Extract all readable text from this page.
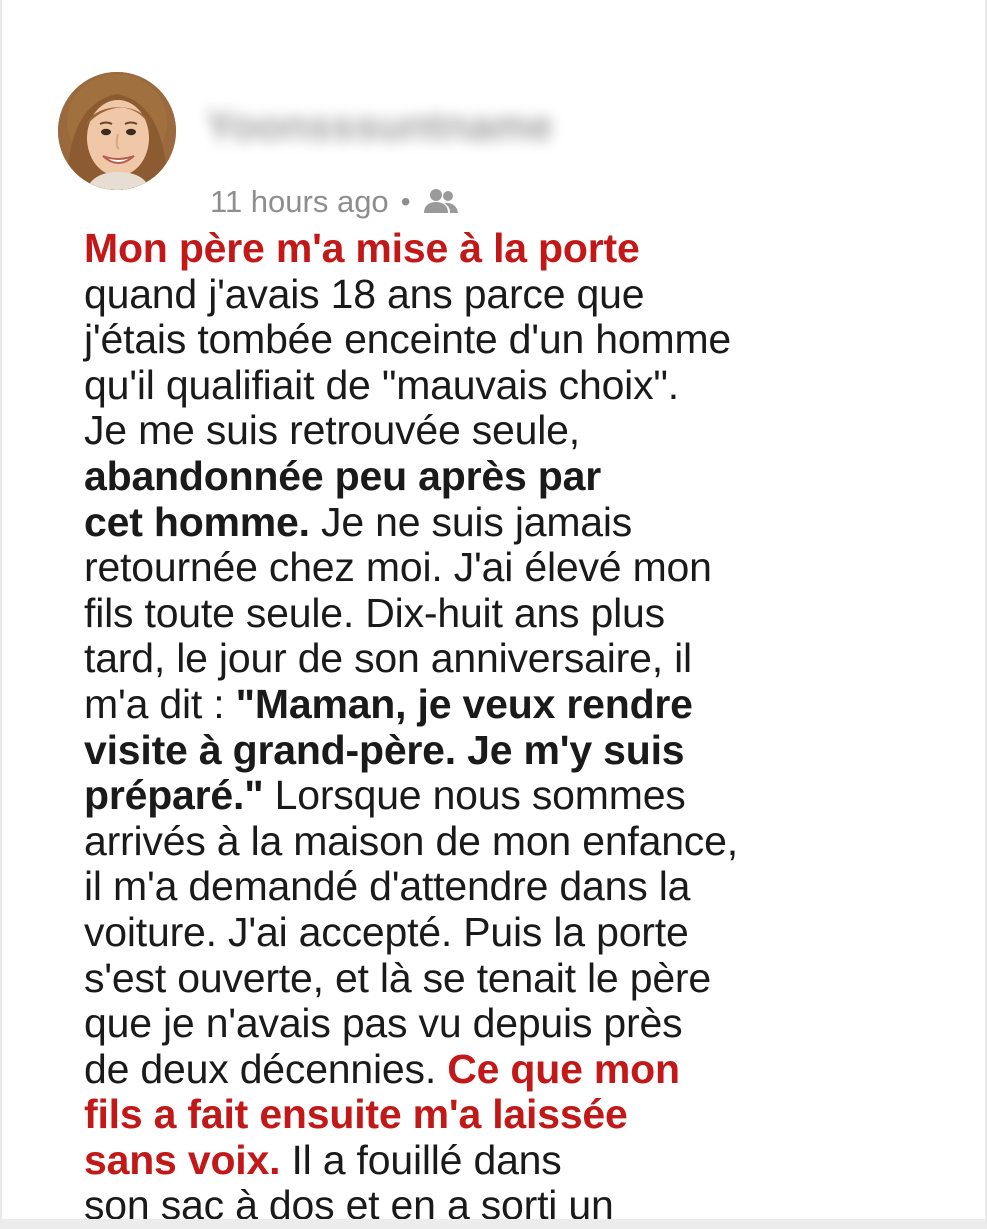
Yoonsssuntname
11 hours ago •

Mon père m'a mise à la porte
quand j'avais 18 ans parce que
j'étais tombée enceinte d'un homme
qu'il qualifiait de "mauvais choix".
Je me suis retrouvée seule,
abandonnée peu après par
cet homme. Je ne suis jamais
retournée chez moi. J'ai élevé mon
fils toute seule. Dix-huit ans plus
tard, le jour de son anniversaire, il
m'a dit : "Maman, je veux rendre
visite à grand-père. Je m'y suis
préparé." Lorsque nous sommes
arrivés à la maison de mon enfance,
il m'a demandé d'attendre dans la
voiture. J'ai accepté. Puis la porte
s'est ouverte, et là se tenait le père
que je n'avais pas vu depuis près
de deux décennies. Ce que mon
fils a fait ensuite m'a laissée
sans voix. Il a fouillé dans
son sac à dos et en a sorti un
